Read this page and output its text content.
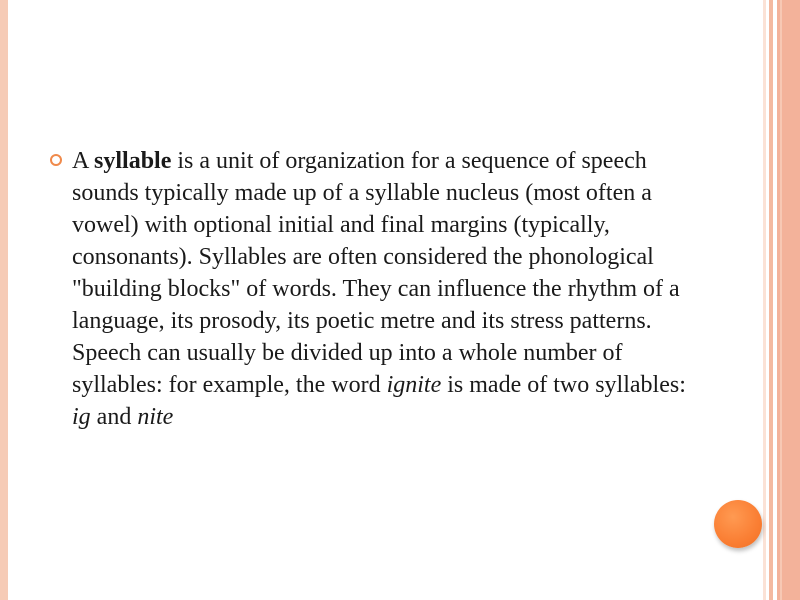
A syllable is a unit of organization for a sequence of speech sounds typically made up of a syllable nucleus (most often a vowel) with optional initial and final margins (typically, consonants). Syllables are often considered the phonological "building blocks" of words. They can influence the rhythm of a language, its prosody, its poetic metre and its stress patterns. Speech can usually be divided up into a whole number of syllables: for example, the word ignite is made of two syllables: ig and nite
